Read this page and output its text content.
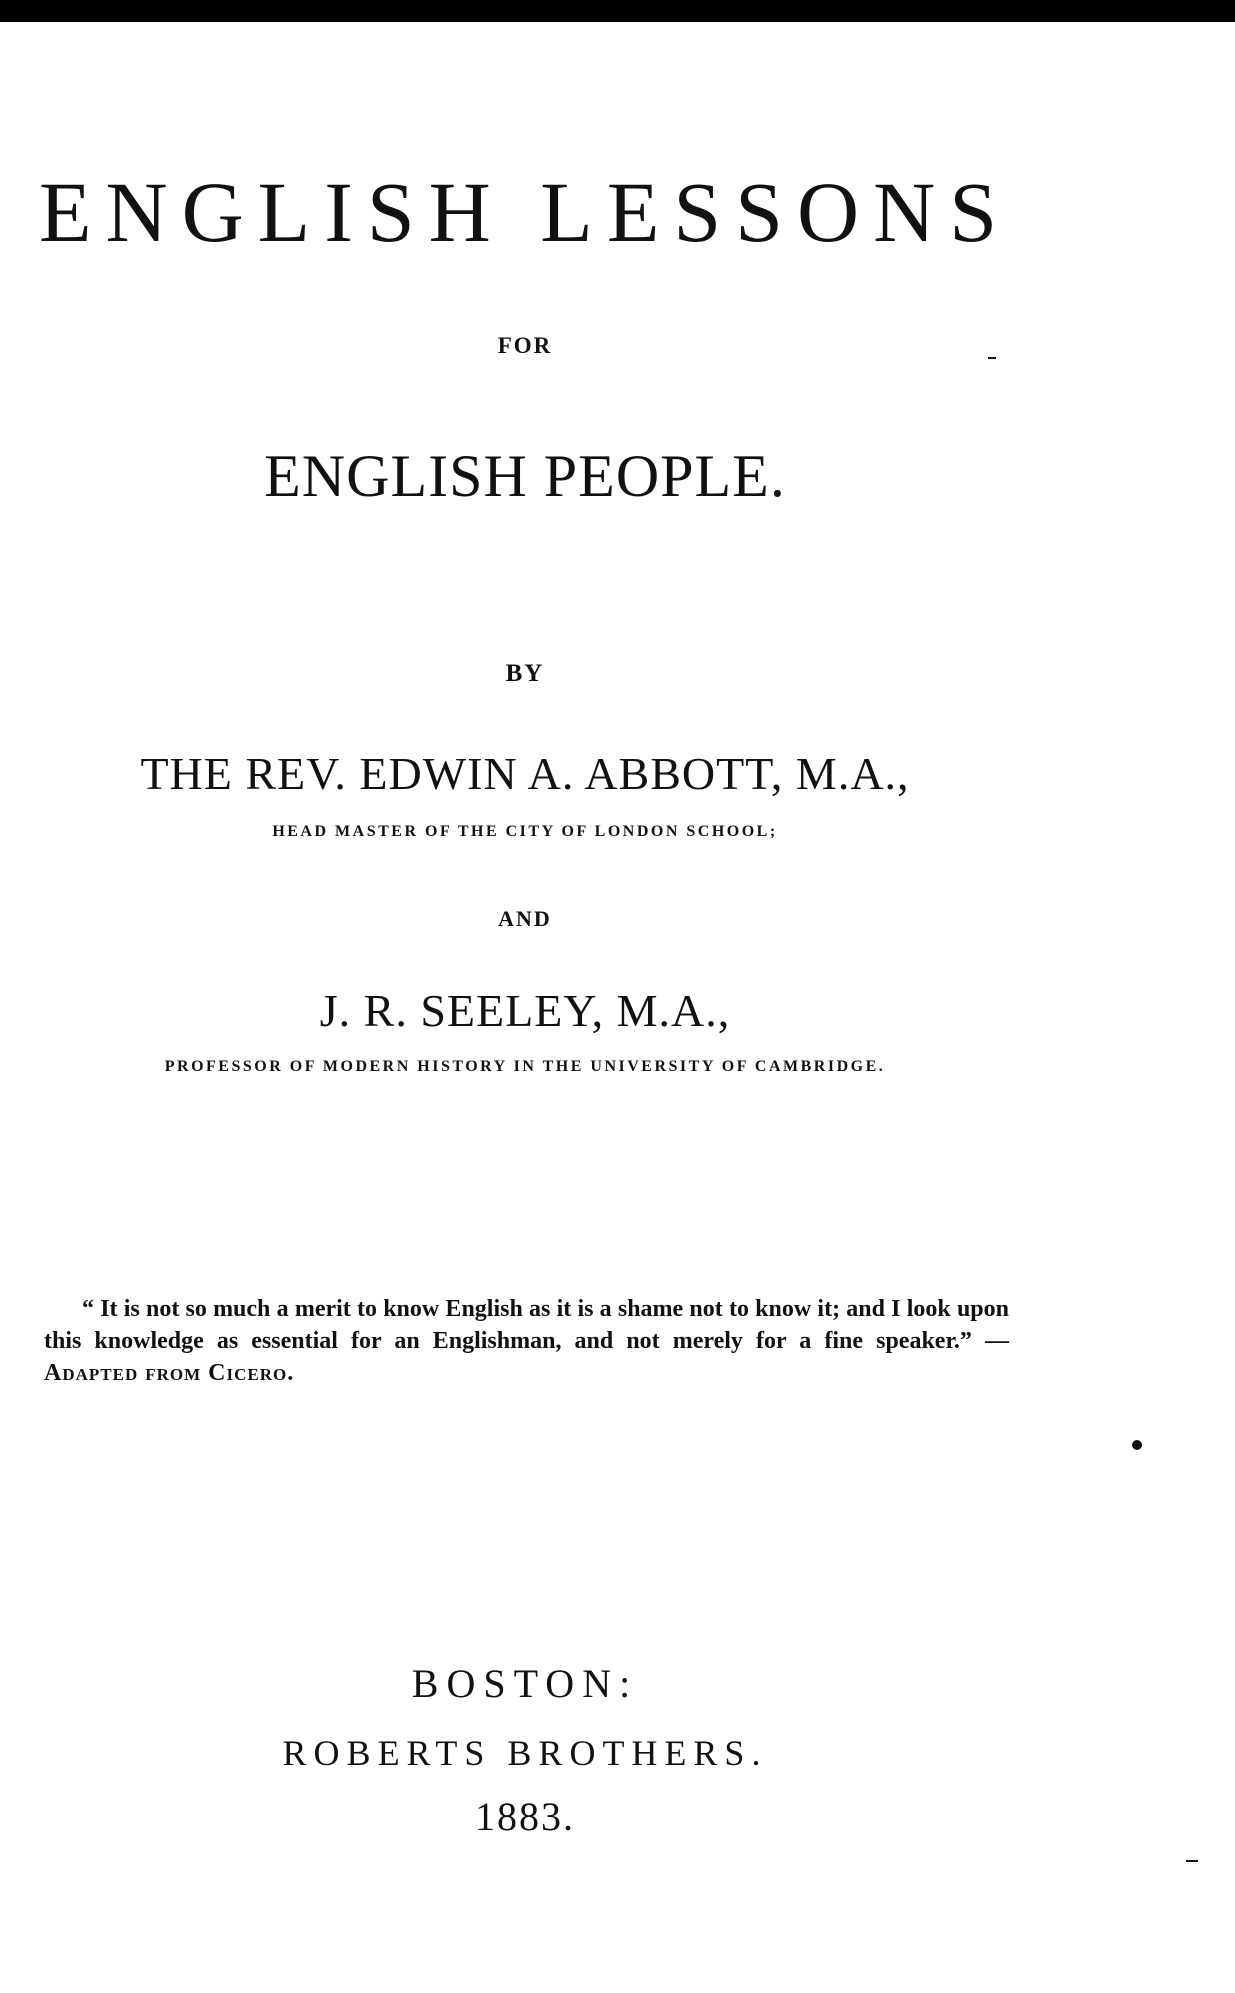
ENGLISH LESSONS
FOR
ENGLISH PEOPLE.
BY
THE REV. EDWIN A. ABBOTT, M.A.,
HEAD MASTER OF THE CITY OF LONDON SCHOOL;
AND
J. R. SEELEY, M.A.,
PROFESSOR OF MODERN HISTORY IN THE UNIVERSITY OF CAMBRIDGE.

“ It is not so much a merit to know English as it is a shame not to know it; and I look upon this knowledge as essential for an Englishman, and not merely for a fine speaker.” — Adapted from Cicero.

BOSTON:
ROBERTS BROTHERS.
1883.
